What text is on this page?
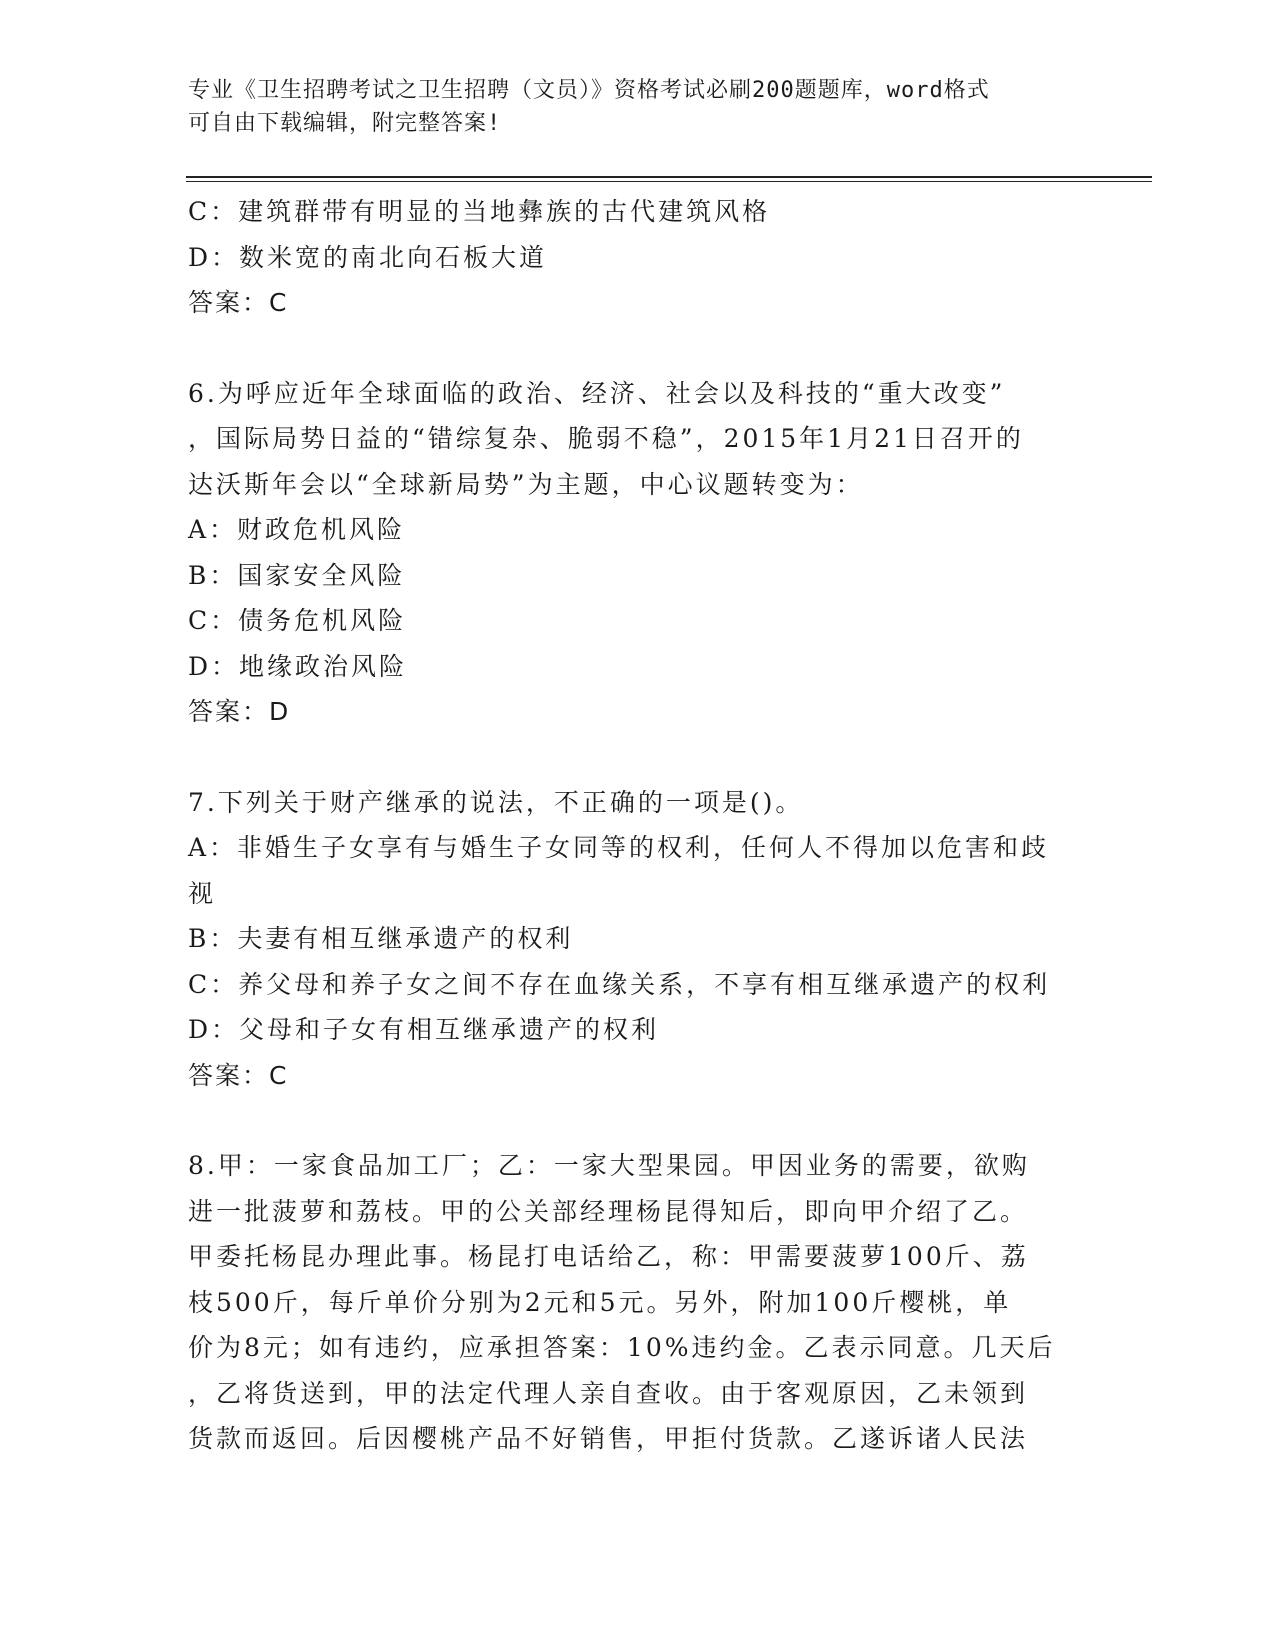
专业《卫生招聘考试之卫生招聘（文员）》资格考试必刷200题题库，word格式
可自由下载编辑，附完整答案!
C：建筑群带有明显的当地彝族的古代建筑风格
D：数米宽的南北向石板大道
答案：C
6.为呼应近年全球面临的政治、经济、社会以及科技的“重大改变”
，国际局势日益的“错综复杂、脆弱不稳”，2015年1月21日召开的
达沃斯年会以“全球新局势”为主题，中心议题转变为：
A：财政危机风险
B：国家安全风险
C：债务危机风险
D：地缘政治风险
答案：D
7.下列关于财产继承的说法，不正确的一项是()。
A：非婚生子女享有与婚生子女同等的权利，任何人不得加以危害和歧
视
B：夫妻有相互继承遗产的权利
C：养父母和养子女之间不存在血缘关系，不享有相互继承遗产的权利
D：父母和子女有相互继承遗产的权利
答案：C
8.甲：一家食品加工厂；乙：一家大型果园。甲因业务的需要，欲购
进一批菠萝和荔枝。甲的公关部经理杨昆得知后，即向甲介绍了乙。
甲委托杨昆办理此事。杨昆打电话给乙，称：甲需要菠萝100斤、荔
枝500斤，每斤单价分别为2元和5元。另外，附加100斤樱桃，单
价为8元；如有违约，应承担答案：10%违约金。乙表示同意。几天后
，乙将货送到，甲的法定代理人亲自查收。由于客观原因，乙未领到
货款而返回。后因樱桃产品不好销售，甲拒付货款。乙遂诉诸人民法
